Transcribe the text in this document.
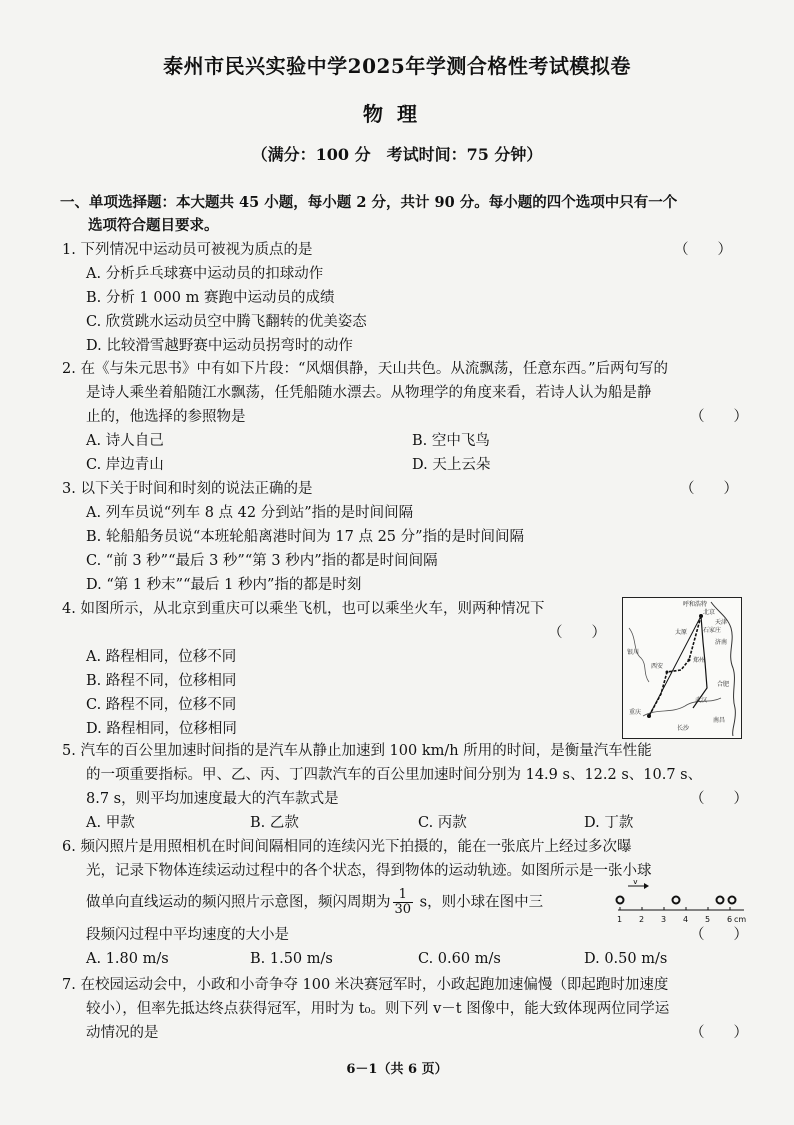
泰州市民兴实验中学2025年学测合格性考试模拟卷
物理
（满分：100 分　考试时间：75 分钟）
一、单项选择题：本大题共 45 小题，每小题 2 分，共计 90 分。每小题的四个选项中只有一个
选项符合题目要求。
1. 下列情况中运动员可被视为质点的是	（　　）
A. 分析乒乓球赛中运动员的扣球动作
B. 分析 1 000 m 赛跑中运动员的成绩
C. 欣赏跳水运动员空中腾飞翻转的优美姿态
D. 比较滑雪越野赛中运动员拐弯时的动作
2. 在《与朱元思书》中有如下片段：“风烟俱静，天山共色。从流飘荡，任意东西。”后两句写的
是诗人乘坐着船随江水飘荡，任凭船随水漂去。从物理学的角度来看，若诗人认为船是静
止的，他选择的参照物是	（　　）
A. 诗人自己	B. 空中飞鸟
C. 岸边青山	D. 天上云朵
3. 以下关于时间和时刻的说法正确的是	（　　）
A. 列车员说“列车 8 点 42 分到站”指的是时间间隔
B. 轮船船务员说“本班轮船离港时间为 17 点 25 分”指的是时间间隔
C. “前 3 秒”“最后 3 秒”“第 3 秒内”指的都是时间间隔
D. “第 1 秒末”“最后 1 秒内”指的都是时刻
4. 如图所示，从北京到重庆可以乘坐飞机，也可以乘坐火车，则两种情况下
（　　）
A. 路程相同，位移不同
B. 路程不同，位移相同
C. 路程不同，位移不同
D. 路程相同，位移相同
呼和浩特
北京
天津
太原	石家庄
济南
银川
西安
郑州
合肥
武汉
重庆
长沙
南昌
5. 汽车的百公里加速时间指的是汽车从静止加速到 100 km/h 所用的时间，是衡量汽车性能
的一项重要指标。甲、乙、丙、丁四款汽车的百公里加速时间分别为 14.9 s、12.2 s、10.7 s、
8.7 s，则平均加速度最大的汽车款式是	（　　）
A. 甲款	B. 乙款	C. 丙款	D. 丁款
6. 频闪照片是用照相机在时间间隔相同的连续闪光下拍摄的，能在一张底片上经过多次曝
光，记录下物体连续运动过程中的各个状态，得到物体的运动轨迹。如图所示是一张小球
做单向直线运动的频闪照片示意图，频闪周期为 $\frac{1}{30}$ s，则小球在图中三
段频闪过程中平均速度的大小是	（　　）
v
1 2 3 4 5 6 cm
A. 1.80 m/s	B. 1.50 m/s	C. 0.60 m/s	D. 0.50 m/s
7. 在校园运动会中，小政和小奇争夺 100 米决赛冠军时，小政起跑加速偏慢（即起跑时加速度
较小），但率先抵达终点获得冠军，用时为 t₀。则下列 v－t 图像中，能大致体现两位同学运
动情况的是	（　　）
6－1（共 6 页）
